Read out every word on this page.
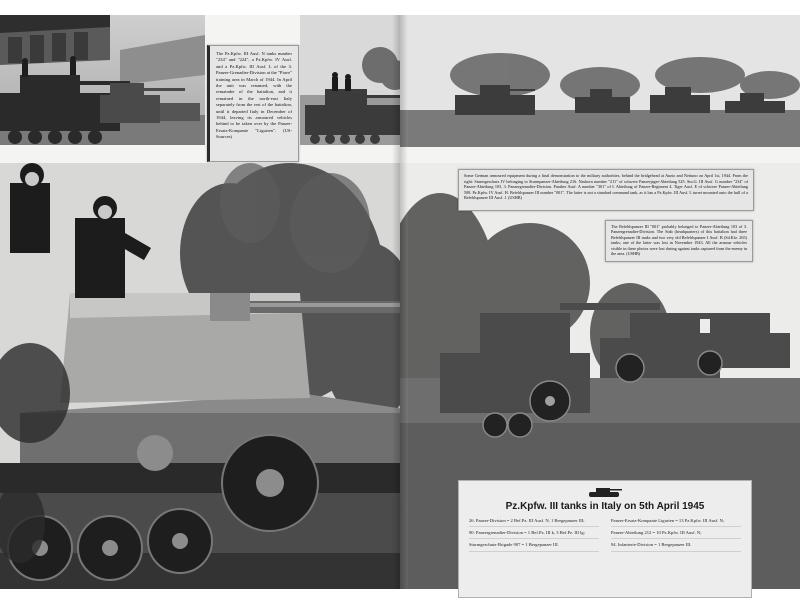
The Pz.Kpfw. III Ausf. N tanks number "234" and "224", a Pz.Kpfw. IV Ausf. and a Pz.Kpfw. III Ausf. L of the 3. Panzer-Grenadier-Division at the "Piave" training area in March of 1944. In April the unit was renamed, with the remainder of the battalion, and it remained in the north-east Italy separately from the rest of the battalion, until it departed Italy in December of 1944, leaving its armoured vehicles behind to be taken over by the Panzer-Ersatz-Kompanie "Ligurien". (US-Sources)
Some German armoured equipment during a final demonstration to the military authorities, behind the bridgehead at Anzio and Nettuno on April 1st, 1944. From the right: Sturmgeschutz IV belonging to Sturmpanzer-Abteilung 216. Nashorn number "211" of schwere Panzerjager-Abteilung 525. Stu.G. III Ausf. G number "234" of Panzer-Abteilung 103, 3. Panzergrenadier-Division. Panther Ausf. A number "301" of I. Abteilung of Panzer-Regiment 4. Tiger Ausf. E of schwere Panzer-Abteilung 508. Pz.Kpfw. IV Ausf. H. Befehlspanzer III number "001". The latter is not a standard command tank, as it has a Pz.Kpfw. III Ausf. L turret mounted onto the hull of a Befehlspanzer III Ausf. J. (USHB)
The Befehlspanzer III "001" probably belonged to Panzer-Abteilung 103 of 3. Panzergrenadier-Division. The Stab (headquarters) of this battalion had three Befehlspanzer III tanks and two very old Befehlspanzer I Ausf. B (Sd.Kfz. 265) tanks; one of the latter was lost in November 1943. All the armour vehicles visible in these photos were lost during against tanks captured from the enemy in the area. (USHB)
Pz.Kpfw. III tanks in Italy on 5th April 1945
26. Panzer-Division = 2 Bef.Pz. III Ausf. N, 1 Bergepanzer III;
90. Panzergrenadier-Division = 1 Bef.Pz. III k, 3 Bef.Pz. III lg;
Sturmgeschutz-Brigade 907 = 1 Bergepanzer III.
Panzer-Ersatz-Kompanie Ligurien = 13 Pz.Kpfw. III Ausf. N;
Panzer-Abteilung 212 = 10 Pz.Kpfw. III Ausf. N;
94. Infanterie-Division = 1 Bergepanzer III.
